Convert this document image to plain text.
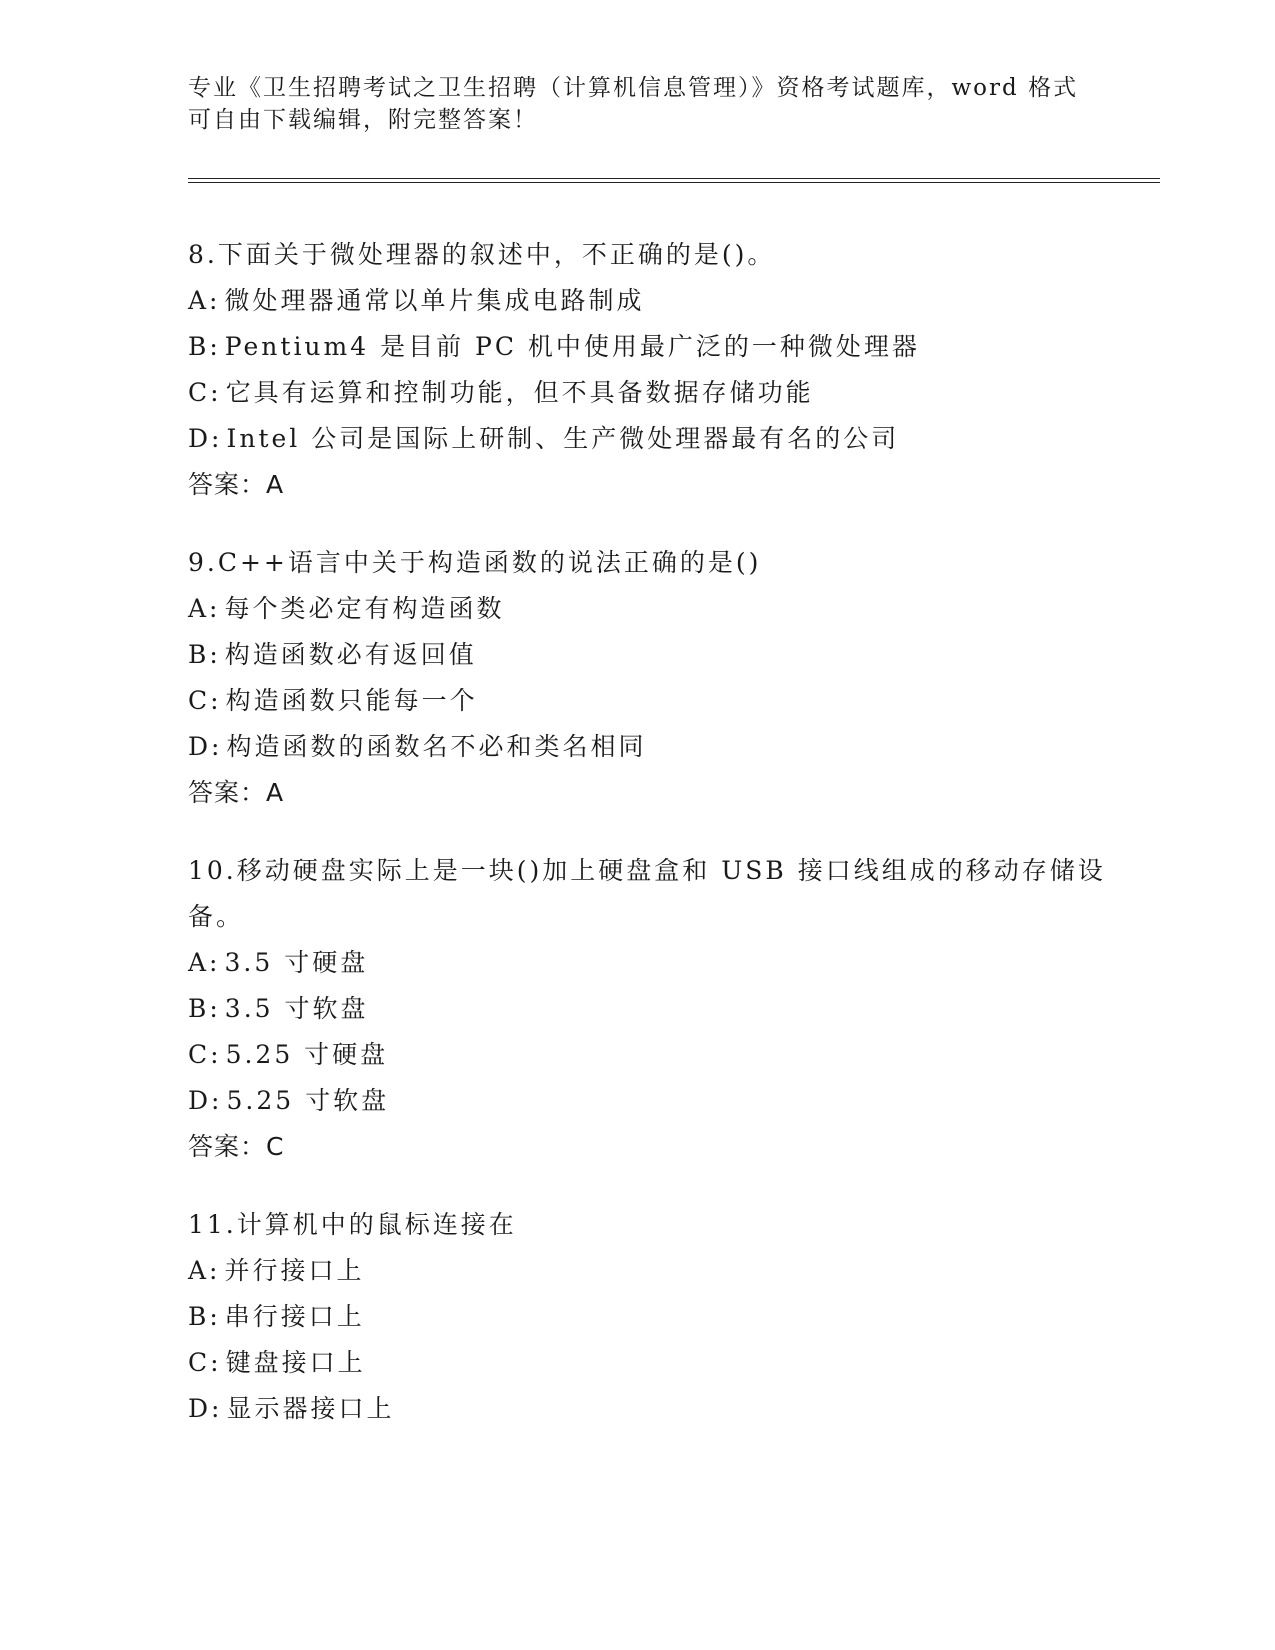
专业《卫生招聘考试之卫生招聘（计算机信息管理）》资格考试题库，word 格式
可自由下载编辑，附完整答案！

8.下面关于微处理器的叙述中，不正确的是()。

A: 微处理器通常以单片集成电路制成
B: Pentium4 是目前 PC 机中使用最广泛的一种微处理器
C: 它具有运算和控制功能，但不具备数据存储功能
D: Intel 公司是国际上研制、生产微处理器最有名的公司
答案：A

9.C++语言中关于构造函数的说法正确的是()

A: 每个类必定有构造函数
B: 构造函数必有返回值
C: 构造函数只能每一个
D: 构造函数的函数名不必和类名相同
答案：A

10.移动硬盘实际上是一块()加上硬盘盒和 USB 接口线组成的移动存储设备。

A: 3.5 寸硬盘
B: 3.5 寸软盘
C: 5.25 寸硬盘
D: 5.25 寸软盘
答案：C

11.计算机中的鼠标连接在

A: 并行接口上
B: 串行接口上
C: 键盘接口上
D: 显示器接口上
